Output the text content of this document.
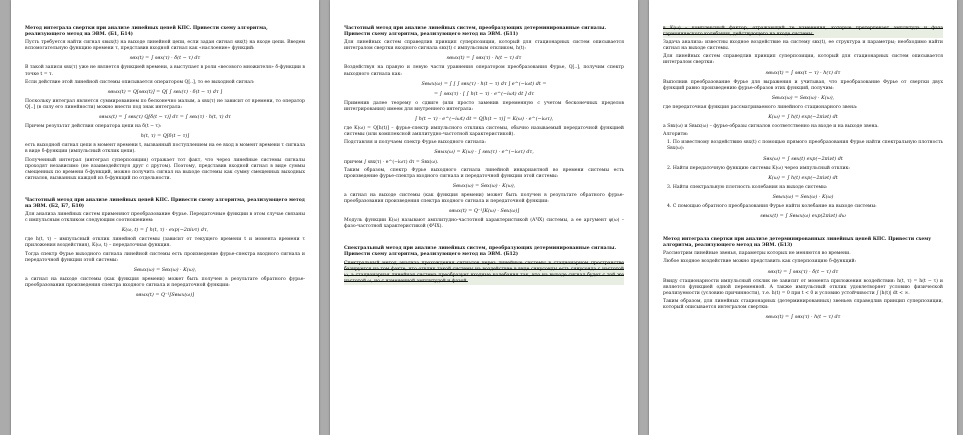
Метод интеграла свертки при анализе линейных цепей КПС. Привести схему алгоритма, реализующего метод на ЭВМ. (Б1, Б14)
Пусть требуется найти сигнал sвых(t) на выходе линейной цепи, если задан сигнал sвх(t) на входе цепи. Введем вспомогательную функцию времени τ, представив входной сигнал как «наслоение» функций:
sвх(t) = ∫ sвх(τ) · δ(t − τ) dτ
В такой записи sвх(τ) уже не является функцией времени, а выступает в роли «весового множителя» δ-функции в точке t = τ.
Если действие этой линейной системы описывается оператором Q[..], то ее выходной сигнал:
sвых(t) = Q[sвх(t)] = Q[ ∫ sвх(τ) · δ(t − τ) dτ ]
Поскольку интеграл является суммированием по бесконечно малым, а sвх(τ) не зависит от времени, то оператор Q[..] (в силу его линейности) можно внести под знак интеграла:
sвых(t) = ∫ sвх(τ) Q[δ(t − τ)] dτ = ∫ sвх(τ) · h(t, τ) dτ
Причем результат действия оператора цепи на δ(t − τ):
h(t, τ) = Q[δ(t − τ)]
есть выходной сигнал цепи в момент времени t, вызванный поступлением на ее вход в момент времени τ сигнала в виде δ-функции (импульсный отклик цепи).
Полученный интеграл (интеграл суперпозиции) отражает тот факт, что через линейные системы сигналы проходят независимо (не взаимодействуя друг с другом). Поэтому, представив входной сигнал в виде суммы смещенных по времени δ-функций, можно получить сигнал на выходе системы как сумму смещенных выходных сигналов, вызванных каждой из δ-функций по отдельности.
Частотный метод при анализе линейных цепей КПС. Привести схему алгоритма, реализующего метод на ЭВМ. (Б2, Б7, Б10)
Для анализа линейных систем применяют преобразование Фурье. Передаточные функции в этом случае связаны с импульсным откликом следующим соотношением:
K(ω, t) = ∫ h(t, τ) · exp(−2πiντ) dτ,
где h(t, τ) – импульсный отклик линейной системы (зависит от текущего времени t и момента времени τ приложения воздействия), K(ω, t) – передаточная функция.
Тогда спектр Фурье выходного сигнала линейной системы есть произведение фурье-спектра входного сигнала и передаточной функции этой системы:
Sвых(ω) = Sвх(ω) · K(ω),
а сигнал на выходе системы (как функция времени) может быть получен в результате обратного фурье-преобразования произведения спектра входного сигнала и передаточной функции:
sвых(t) = Q⁻¹[Sвых(ω)]
Частотный метод при анализе линейных систем, преобразующих детерминированные сигналы. Привести схему алгоритма, реализующего метод на ЭВМ. (Б11)
Для линейных систем справедлив принцип суперпозиции, который для стационарных систем описывается интегралом свертки входного сигнала sвх(t) с импульсным откликом, h(t):
sвых(t) = ∫ sвх(τ) · h(t − τ) dτ
Воздействуя на правую и левую части уравнения оператором преобразования Фурье, Q[..], получим спектр выходного сигнала как:
Sвых(ω) = ∫ [ ∫ sвх(τ) · h(t − τ) dτ ] e^(−iωt) dt =
= ∫ sвх(τ) · [ ∫ h(t − τ) · e^(−iωt) dt ] dτ
Применив далее теорему о сдвиге (или просто заменив переменную с учетом бесконечных пределов интегрирования) имеем для внутреннего интеграла:
∫ h(t − τ) · e^(−iωt) dt = Q[h(t − τ)] = K(ω) · e^(−iωτ),
где K(ω) = Q[h(t)] – фурье-спектр импульсного отклика системы, обычно называемый передаточной функцией системы (или комплексной амплитудно-частотной характеристикой).
Подставляя и получаем спектр Фурье выходного сигнала:
Sвых(ω) = K(ω) · ∫ sвх(τ) · e^(−iωτ) dτ,
причем ∫ sвх(τ) · e^(−iωτ) dτ = Sвх(ω).
Таким образом, спектр Фурье выходного сигнала линейной инвариантной во времени системы есть произведение фурье-спектра входного сигнала и передаточной функции этой системы:
Sвых(ω) = Sвх(ω) · K(ω),
а сигнал на выходе системы (как функция времени) может быть получен в результате обратного фурье-преобразования произведения спектра входного сигнала и передаточной функции:
sвых(t) = Q⁻¹[K(ω) · Sвх(ω)]
Модуль функции K(ω) называют амплитудно-частотной характеристикой (АЧХ) системы, а ее аргумент φ(ω) – фазо-частотной характеристикой (ФЧХ).
Спектральный метод при анализе линейных систем, преобразующих детерминированные сигналы. Привести схему алгоритма, реализующего метод на ЭВМ. (Б12)
Спектральный метод анализа прохождения сигналов через линейные системы в стационарном пространстве базируется на том факте, что отклик такой системы на воздействие в виде синусоиды есть синусоида с частотой ω, а стационарная линейная система преобразует входные колебания так, что на выходе сигнал будет с той же частотой ω, но с измененной амплитудой и фазой.
в K(ω) – комплексный фактор, отражающий те изменения, которые претерпевает амплитуда и фаза гармонического колебания, действующего на входе системы.
Задача анализа: известны входное воздействие на систему sвх(t), ее структура и параметры; необходимо найти сигнал на выходе системы.
Для линейных систем справедлив принцип суперпозиции, который для стационарных систем описывается интегралом свертки:
sвых(t) = ∫ sвх(t − τ) · h(τ) dτ
Выполнив преобразование Фурье для выражения и учитывая, что преобразование Фурье от свертки двух функций равно произведению фурье-образов этих функций, получим:
Sвых(ω) = Sвх(ω) · K(ω),
где передаточная функция рассматриваемого линейного стационарного звена:
K(ω) = ∫ h(t) exp(−2πiνt) dt
а Sвх(ω) и Sвых(ω) – фурье-образы сигналов соответственно на входе и на выходе звена.
Алгоритм:
1. По известному воздействию sвх(t) с помощью прямого преобразования Фурье найти спектральную плотность Sвх(ω):
Sвх(ω) = ∫ sвх(t) exp(−2πiνt) dt
2. Найти передаточную функцию системы K(ω) через импульсный отклик:
K(ω) = ∫ h(t) exp(−2πiνt) dt
3. Найти спектральную плотность колебания на выходе системы:
Sвых(ω) = Sвх(ω) · K(ω)
4. С помощью обратного преобразования Фурье найти колебание на выходе системы:
sвых(t) = ∫ Sвых(ω) exp(2πiνt) dω
Метод интеграла свертки при анализе детерминированных линейных цепей КПС. Привести схему алгоритма, реализующего метод на ЭВМ. (Б13)
Рассмотрим линейные звенья, параметры которых не меняются во времени.
Любое входное воздействие можно представить как суперпозицию δ-функций:
sвх(t) = ∫ sвх(τ) · δ(t − τ) dτ
Ввиду стационарности импульсный отклик не зависит от момента приложения воздействия: h(t, τ) = h(t − τ) и является функцией одной переменной. А также импульсный отклик удовлетворяет условию физической реализуемости (условию причинности), т.е. h(t) = 0 при t < 0 и условию устойчивости ∫ |h(t)| dt < ∞.
Таким образом, для линейных стационарных (детерминированных) звеньев справедлив принцип суперпозиции, который описывается интегралом свертки:
sвых(t) = ∫ sвх(τ) · h(t − τ) dτ
